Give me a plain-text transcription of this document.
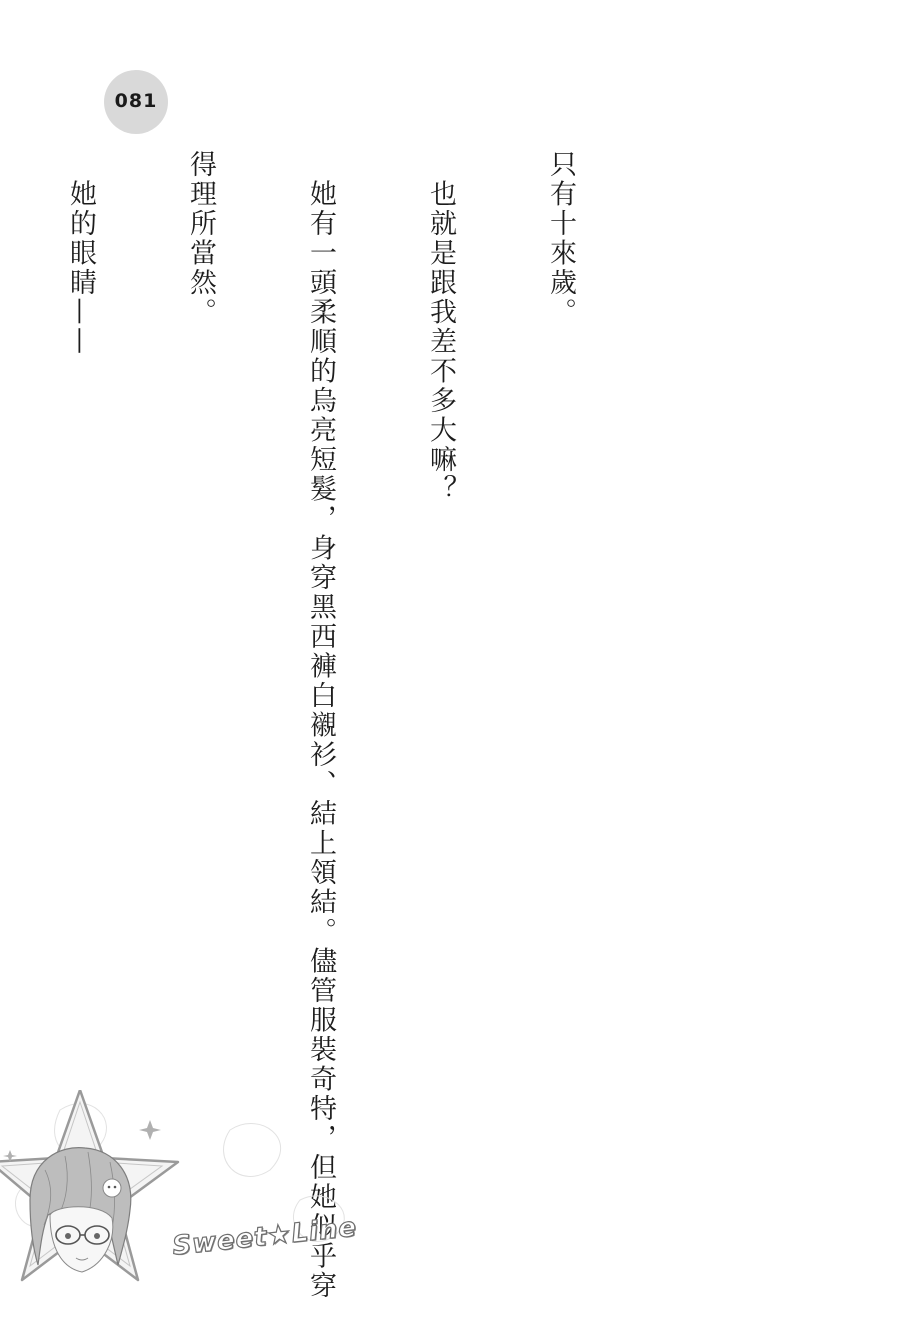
081

只有十來歲。

　也就是跟我差不多大嘛？

　她有一頭柔順的烏亮短髮，身穿黑西褲白襯衫、結上領結。儘管服裝奇特，但她似乎穿

得理所當然。

　她的眼睛——

Sweet★Line
